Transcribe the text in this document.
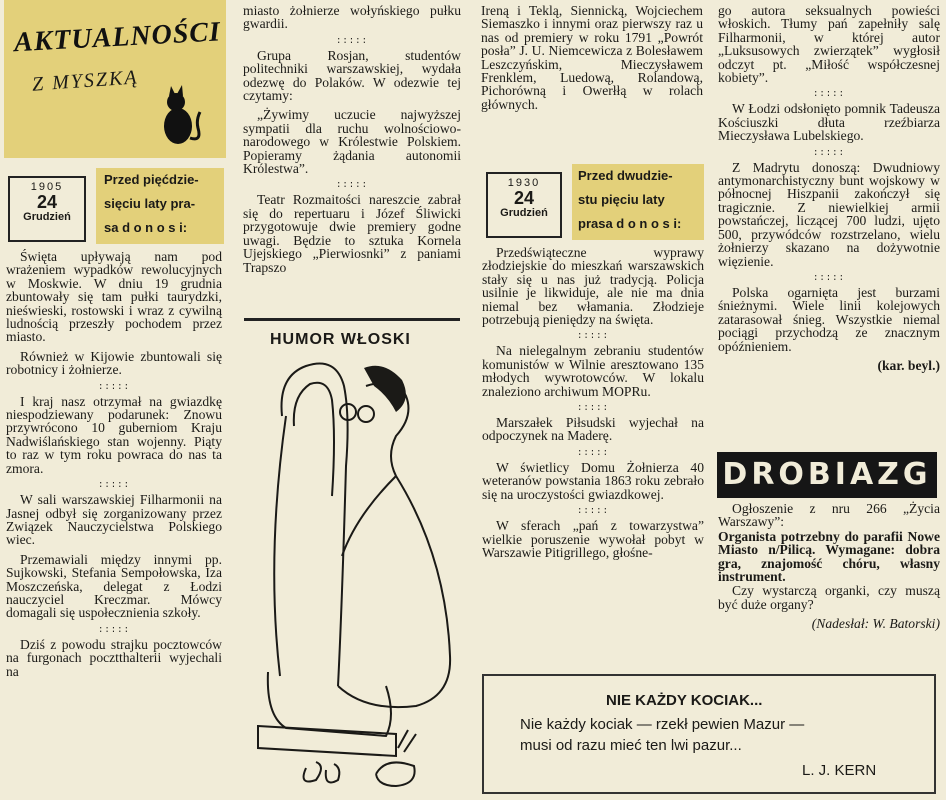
AKTUALNOŚCI
Z MYSZKĄ
1905
24
Grudzień
Przed pięćdzie-
sięciu laty pra-
sa d o n o s i:

Święta upływają nam pod wrażeniem wypadków rewolucyjnych w Moskwie. W dniu 19 grudnia zbuntowały się tam pułki taurydzki, nieświeski, rostowski i wraz z cywilną ludnością przeszły pochodem przez miasto.

Również w Kijowie zbuntowali się robotnicy i żołnierze.

:::::

I kraj nasz otrzymał na gwiazdkę niespodziewany podarunek: Znowu przywrócono 10 guberniom Kraju Nadwiślańskiego stan wojenny. Piąty to raz w tym roku powraca do nas ta zmora.

:::::

W sali warszawskiej Filharmonii na Jasnej odbył się zorganizowany przez Związek Nauczycielstwa Polskiego wiec.

Przemawiali między innymi pp. Sujkowski, Stefania Sempołowska, Iza Moszczeńska, delegat z Łodzi nauczyciel Kreczmar. Mówcy domagali się uspołecznienia szkoły.

:::::

Dziś z powodu strajku pocztowców na furgonach pocztthalterii wyjechali na

miasto żołnierze wołyńskiego pułku gwardii.

:::::

Grupa Rosjan, studentów politechniki warszawskiej, wydała odezwę do Polaków. W odezwie tej czytamy:

„Żywimy uczucie najwyższej sympatii dla ruchu wolnościowo-narodowego w Królestwie Polskiem. Popieramy żądania autonomii Królestwa”.

:::::

Teatr Rozmaitości nareszcie zabrał się do repertuaru i Józef Śliwicki przygotowuje dwie premiery godne uwagi. Będzie to sztuka Kornela Ujejskiego „Pierwiosnki” z paniami Trapszo

HUMOR WŁOSKI

Ireną i Teklą, Siennicką, Wojciechem Siemaszko i innymi oraz pierwszy raz u nas od premiery w roku 1791 „Powrót posła” J. U. Niemcewicza z Bolesławem Leszczyńskim, Mieczysławem Frenklem, Luedową, Rolandową, Pichorówną i Owerłłą w rolach głównych.

1930
24
Grudzień
Przed dwudzie-
stu pięciu laty
prasa d o n o s i:

Przedświąteczne wyprawy złodziejskie do mieszkań warszawskich stały się u nas już tradycją. Policja usilnie je likwiduje, ale nie ma dnia niemal bez włamania. Złodzieje potrzebują pieniędzy na święta.

:::::

Na nielegalnym zebraniu studentów komunistów w Wilnie aresztowano 135 młodych wywrotowców. W lokalu znaleziono archiwum MOPRu.

:::::

Marszałek Piłsudski wyjechał na odpoczynek na Maderę.

:::::

W świetlicy Domu Żołnierza 40 weteranów powstania 1863 roku zebrało się na uroczystości gwiazdkowej.

:::::

W sferach „pań z towarzystwa” wielkie poruszenie wywołał pobyt w Warszawie Pitigrillego, głośne-

go autora seksualnych powieści włoskich. Tłumy pań zapełniły salę Filharmonii, w której autor „Luksusowych zwierzątek” wygłosił odczyt pt. „Miłość współczesnej kobiety”.

:::::

W Łodzi odsłonięto pomnik Tadeusza Kościuszki dłuta rzeźbiarza Mieczysława Lubelskiego.

:::::

Z Madrytu donoszą: Dwudniowy antymonarchistyczny bunt wojskowy w północnej Hiszpanii zakończył się tragicznie. Z niewielkiej armii powstańczej, liczącej 700 ludzi, ujęto 500, przywódców rozstrzelano, wielu żołnierzy skazano na dożywotnie więzienie.

:::::

Polska ogarnięta jest burzami śnieżnymi. Wiele linii kolejowych zatarasował śnieg. Wszystkie niemal pociągi przychodzą ze znacznym opóźnieniem.

(kar. beyl.)
DROBIAZG

Ogłoszenie z nru 266 „Życia Warszawy”:

Organista potrzebny do parafii Nowe Miasto n/Pilicą. Wymagane: dobra gra, znajomość chóru, własny instrument.

Czy wystarczą organki, czy muszą być duże organy?

(Nadesłał: W. Batorski)
NIE KAŻDY KOCIAK...
Nie każdy kociak — rzekł pewien Mazur —
musi od razu mieć ten lwi pazur...
L. J. KERN
